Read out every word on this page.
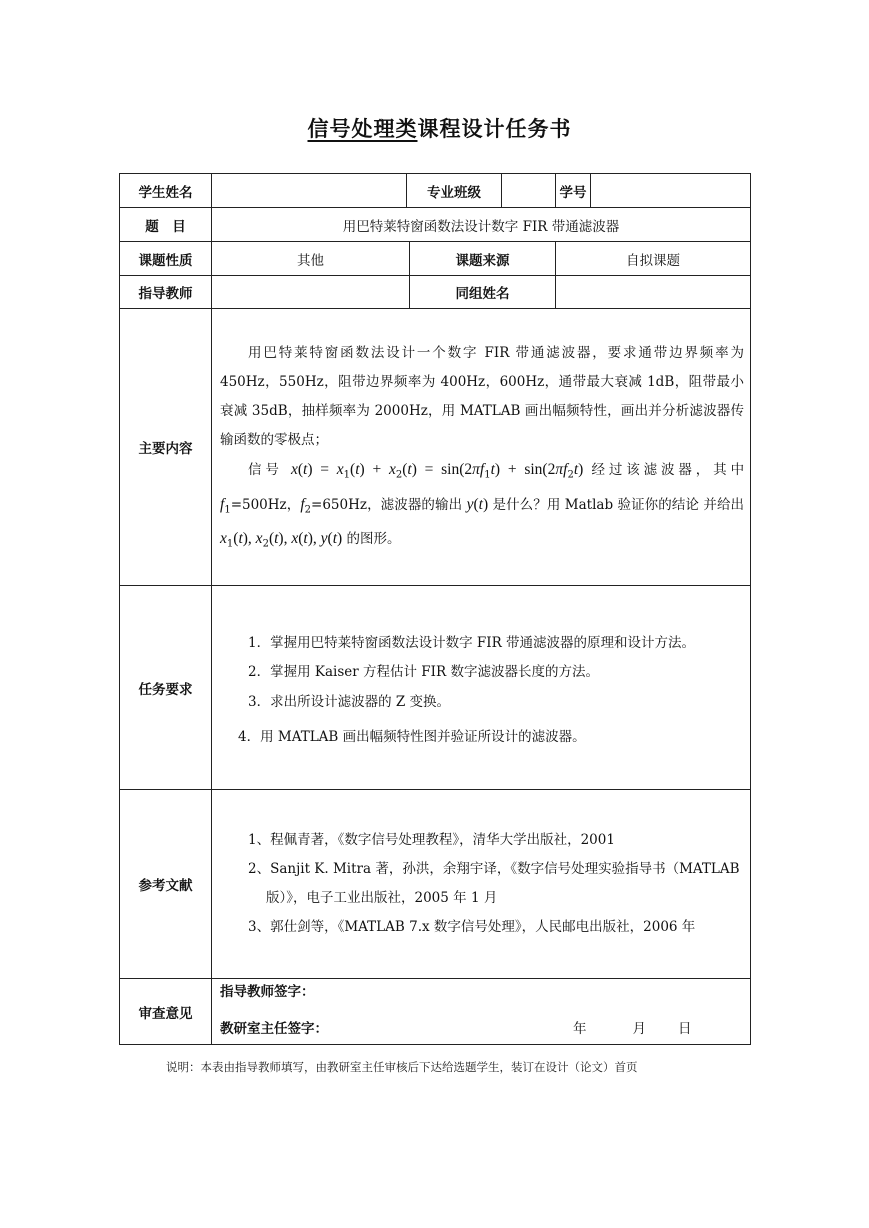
信号处理类课程设计任务书
学生姓名		专业班级			学号	
题　目	用巴特莱特窗函数法设计数字 FIR 带通滤波器					
课题性质	其他		课题来源		自拟课题	
指导教师			同组姓名			
主要内容	用巴特莱特窗函数法设计一个数字 FIR 带通滤波器，要求通带边界频率为 450Hz，550Hz，阻带边界频率为 400Hz，600Hz，通带最大衰减 1dB，阻带最小衰减 35dB，抽样频率为 2000Hz，用 MATLAB 画出幅频特性，画出并分析滤波器传输函数的零极点；
信号 $x(t) = x_1(t) + x_2(t) = \sin(2\pi f_1t) + \sin(2\pi f_2t)$ 经过该滤波器，其中 $f_1=500Hz$，$f_2=650Hz$，滤波器的输出 y(t) 是什么？用 Matlab 验证你的结论 并给出 $x_1(t)$, $x_2(t)$, x(t), y(t) 的图形。					

任务要求	1．掌握用巴特莱特窗函数法设计数字 FIR 带通滤波器的原理和设计方法。
2．掌握用 Kaiser 方程估计 FIR 数字滤波器长度的方法。
3．求出所设计滤波器的 Z 变换。
4．用 MATLAB 画出幅频特性图并验证所设计的滤波器。					

参考文献	1、程佩青著，《数字信号处理教程》，清华大学出版社，2001
2、Sanjit K. Mitra 著，孙洪，余翔宇译，《数字信号处理实验指导书（MATLAB
版）》，电子工业出版社，2005 年 1 月
3、郭仕剑等，《MATLAB 7.x 数字信号处理》，人民邮电出版社，2006 年					

审查意见	指导教师签字：
教研室主任签字： 年 月 日					
说明：本表由指导教师填写，由教研室主任审核后下达给选题学生，装订在设计（论文）首页
